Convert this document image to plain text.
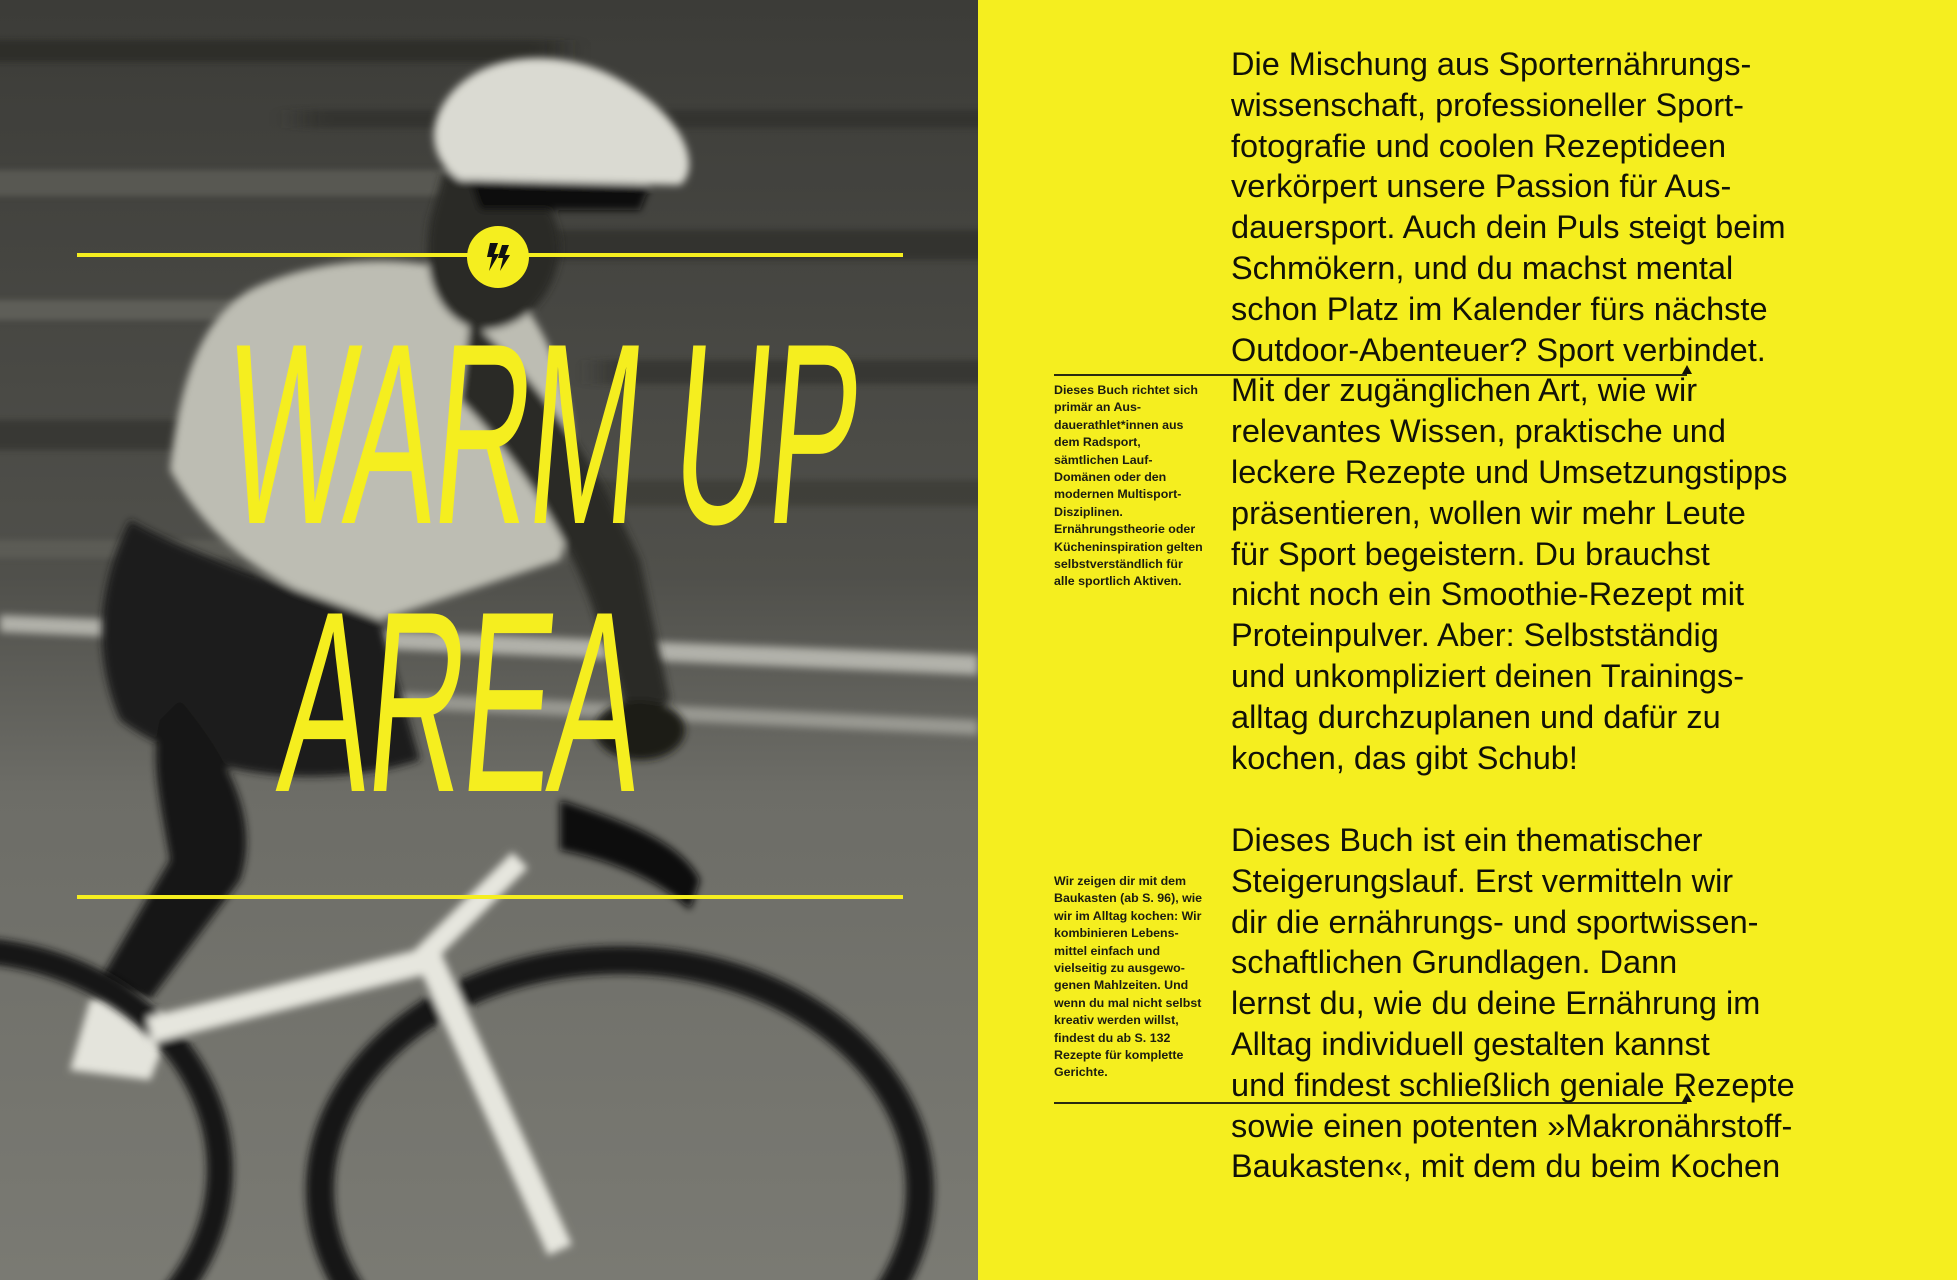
WARM UP
AREA
Dieses Buch richtet sich primär an Ausdauerathlet*innen aus dem Radsport, sämtlichen Lauf-Domänen oder den modernen Multisport-Disziplinen. Ernährungstheorie oder Kücheninspiration gelten selbstverständlich für alle sportlich Aktiven.
Wir zeigen dir mit dem Baukasten (ab S. 96), wie wir im Alltag kochen: Wir kombinieren Lebensmittel einfach und vielseitig zu ausgewogenen Mahlzeiten. Und wenn du mal nicht selbst kreativ werden willst, findest du ab S. 132 Rezepte für komplette Gerichte.
Die Mischung aus Sporternährungs-
wissenschaft, professioneller Sport-
fotografie und coolen Rezeptideen
verkörpert unsere Passion für Aus-
dauersport. Auch dein Puls steigt beim
Schmökern, und du machst mental
schon Platz im Kalender fürs nächste
Outdoor-Abenteuer? Sport verbindet.
Mit der zugänglichen Art, wie wir
relevantes Wissen, praktische und
leckere Rezepte und Umsetzungstipps
präsentieren, wollen wir mehr Leute
für Sport begeistern. Du brauchst
nicht noch ein Smoothie-Rezept mit
Proteinpulver. Aber: Selbstständig
und unkompliziert deinen Trainings-
alltag durchzuplanen und dafür zu
kochen, das gibt Schub!
Dieses Buch ist ein thematischer
Steigerungslauf. Erst vermitteln wir
dir die ernährungs- und sportwissen-
schaftlichen Grundlagen. Dann
lernst du, wie du deine Ernährung im
Alltag individuell gestalten kannst
und findest schließlich geniale Rezepte
sowie einen potenten »Makronährstoff-
Baukasten«, mit dem du beim Kochen
